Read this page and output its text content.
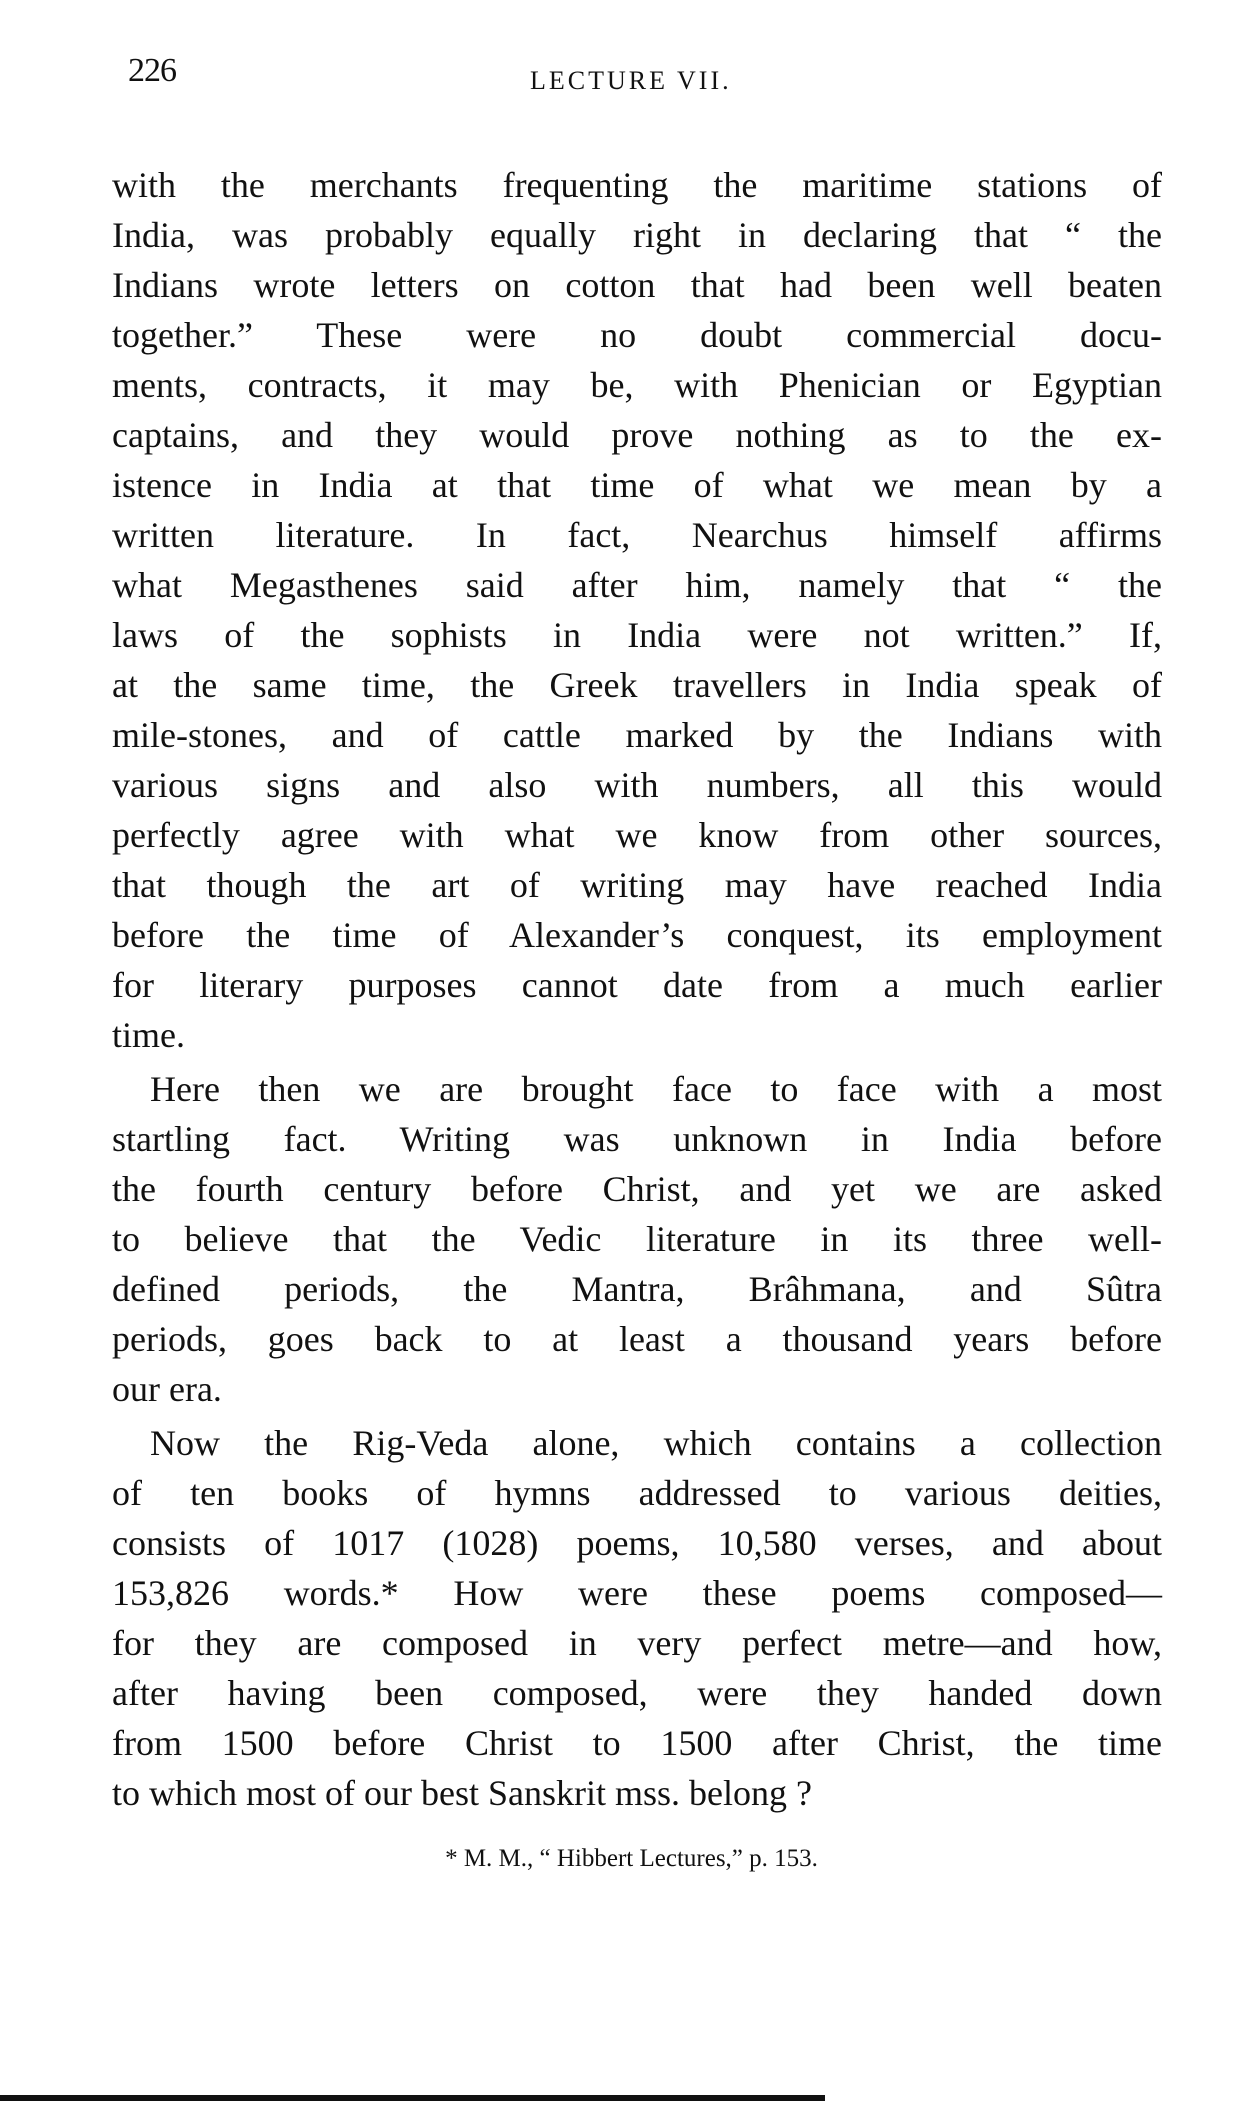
226	LECTURE VII.
with the merchants frequenting the maritime stations of
India, was probably equally right in declaring that “ the
Indians wrote letters on cotton that had been well beaten
together.” These were no doubt commercial docu-
ments, contracts, it may be, with Phenician or Egyptian
captains, and they would prove nothing as to the ex-
istence in India at that time of what we mean by a
written literature. In fact, Nearchus himself affirms
what Megasthenes said after him, namely that “ the
laws of the sophists in India were not written.” If,
at the same time, the Greek travellers in India speak of
mile-stones, and of cattle marked by the Indians with
various signs and also with numbers, all this would
perfectly agree with what we know from other sources,
that though the art of writing may have reached India
before the time of Alexander’s conquest, its employment
for literary purposes cannot date from a much earlier
time.
Here then we are brought face to face with a most
startling fact. Writing was unknown in India before
the fourth century before Christ, and yet we are asked
to believe that the Vedic literature in its three well-
defined periods, the Mantra, Brâhmana, and Sûtra
periods, goes back to at least a thousand years before
our era.
Now the Rig-Veda alone, which contains a collection
of ten books of hymns addressed to various deities,
consists of 1017 (1028) poems, 10,580 verses, and about
153,826 words.* How were these poems composed—
for they are composed in very perfect metre—and how,
after having been composed, were they handed down
from 1500 before Christ to 1500 after Christ, the time
to which most of our best Sanskrit mss. belong ?
* M. M., “ Hibbert Lectures,” p. 153.
